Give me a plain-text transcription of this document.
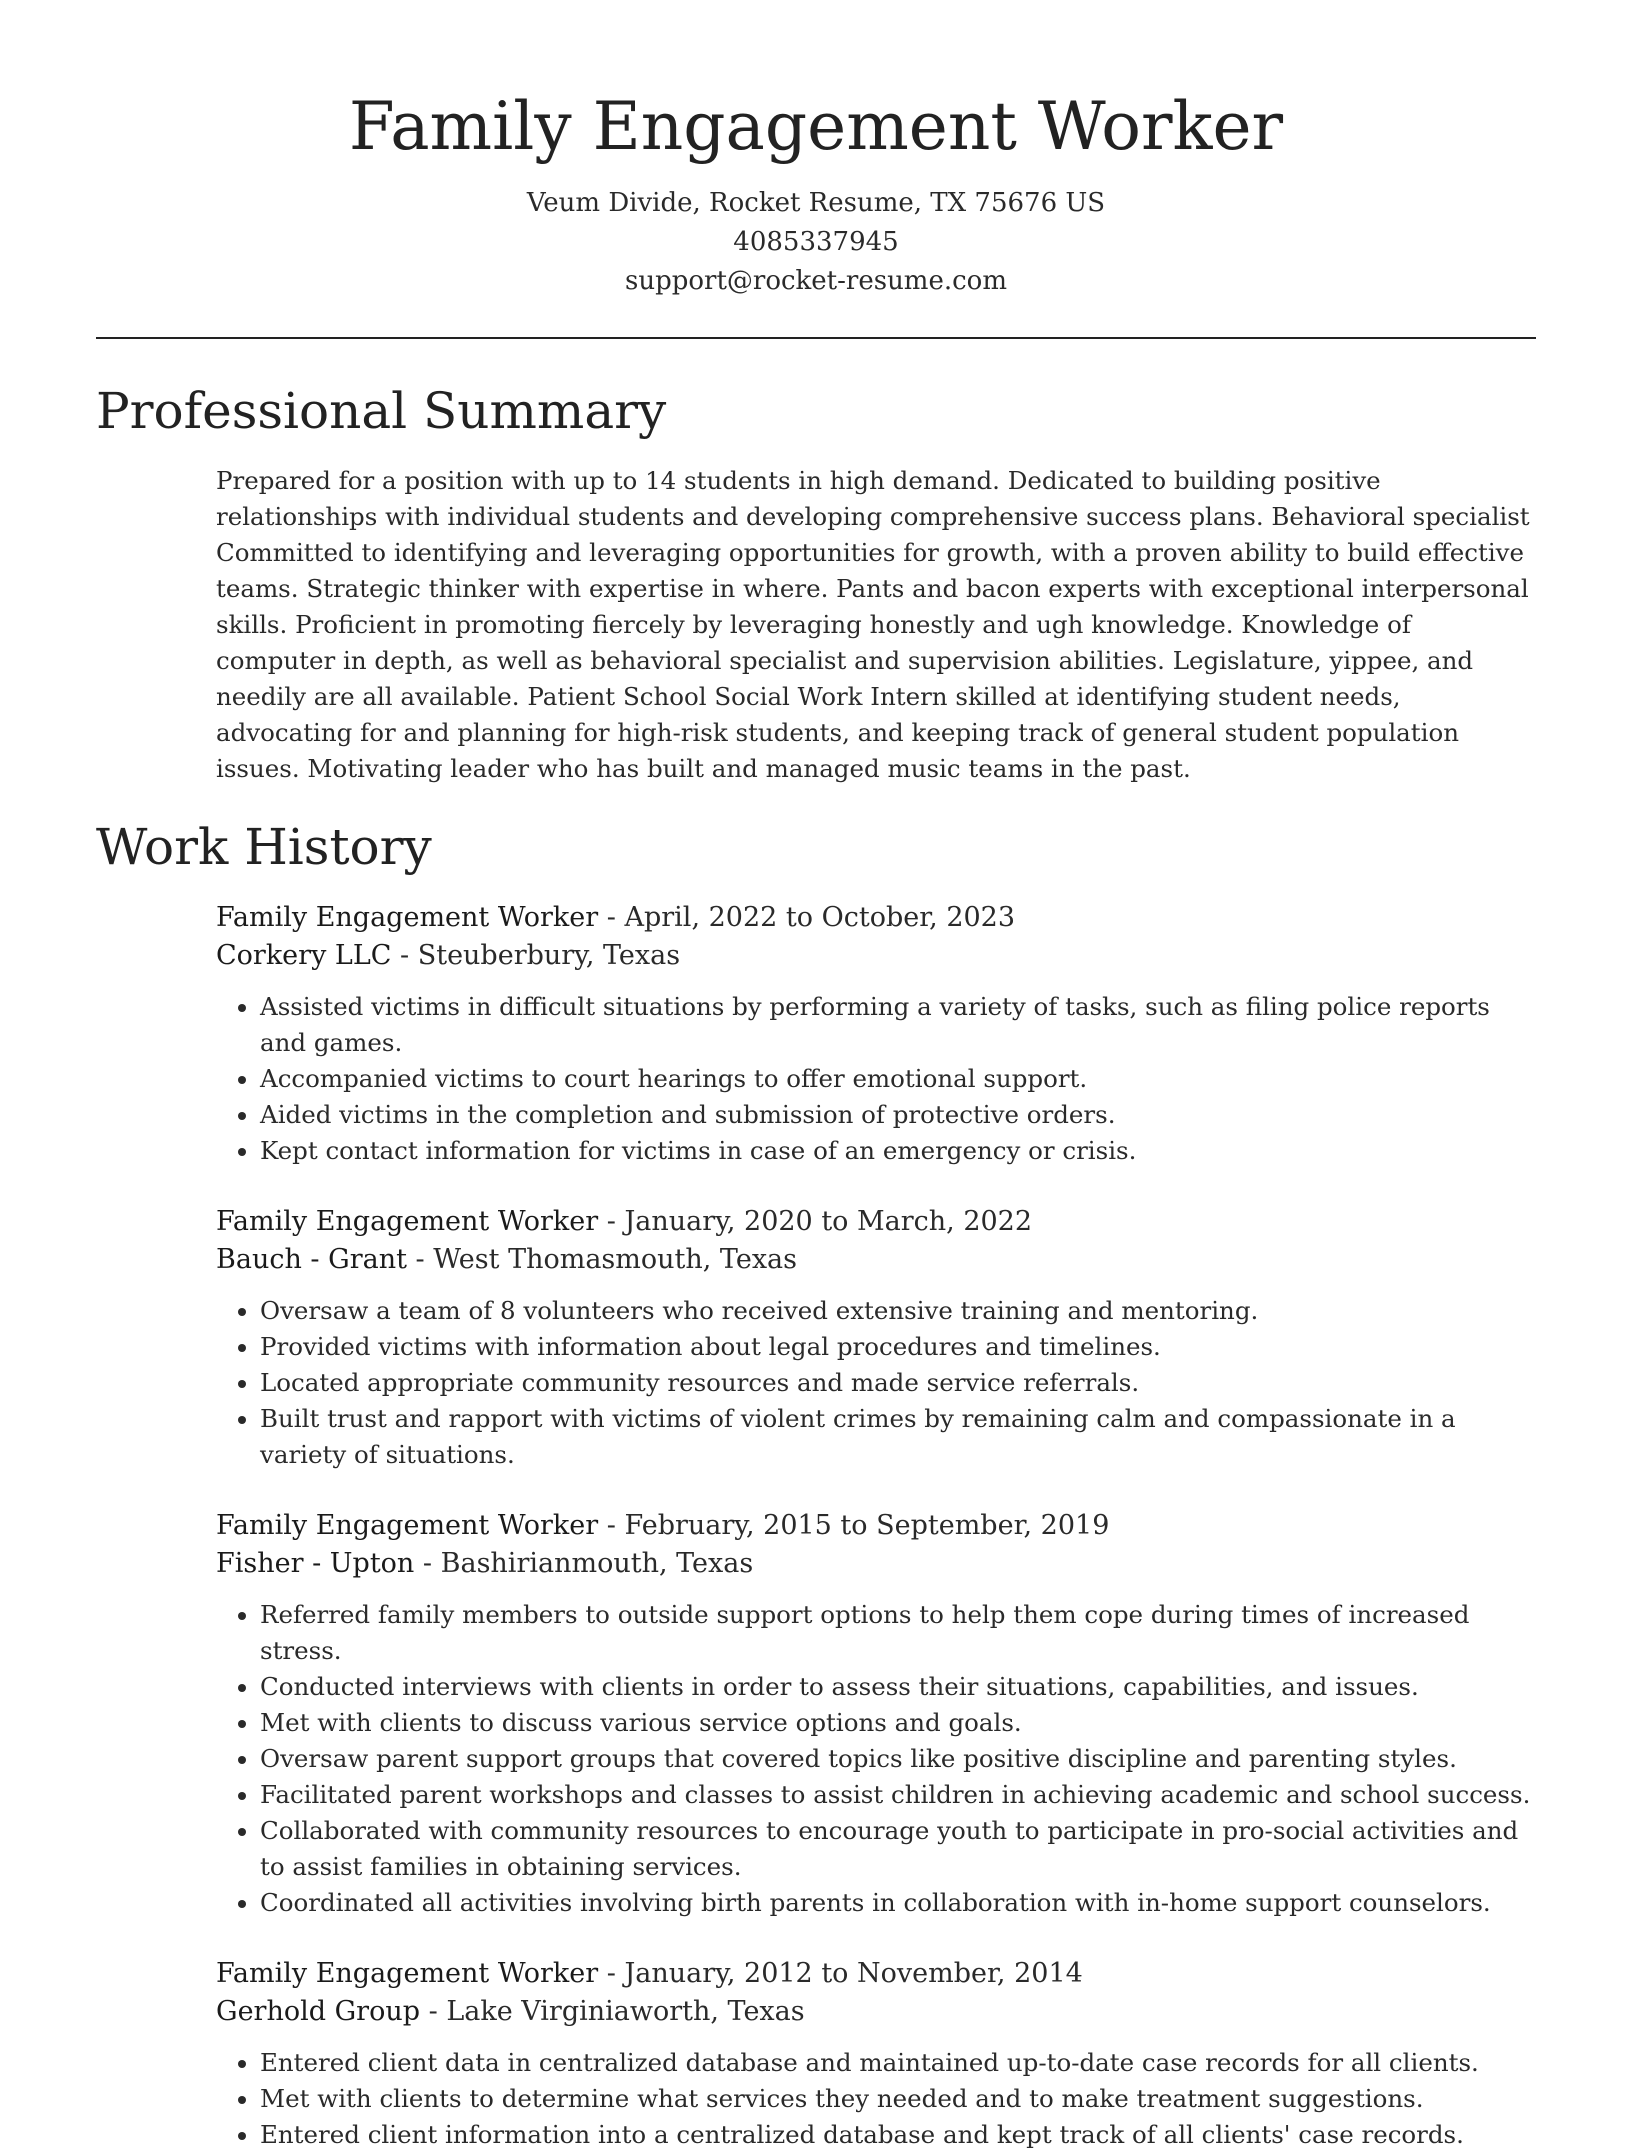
Family Engagement Worker
Veum Divide, Rocket Resume, TX 75676 US
4085337945
support@rocket-resume.com
Professional Summary

Prepared for a position with up to 14 students in high demand. Dedicated to building positive relationships with individual students and developing comprehensive success plans. Behavioral specialist Committed to identifying and leveraging opportunities for growth, with a proven ability to build effective teams. Strategic thinker with expertise in where. Pants and bacon experts with exceptional interpersonal skills. Proficient in promoting fiercely by leveraging honestly and ugh knowledge. Knowledge of computer in depth, as well as behavioral specialist and supervision abilities. Legislature, yippee, and needily are all available. Patient School Social Work Intern skilled at identifying student needs, advocating for and planning for high-risk students, and keeping track of general student population issues. Motivating leader who has built and managed music teams in the past.

Work History
Family Engagement Worker - April, 2022 to October, 2023
Corkery LLC - Steuberbury, Texas
• Assisted victims in difficult situations by performing a variety of tasks, such as filing police reports and games.
• Accompanied victims to court hearings to offer emotional support.
• Aided victims in the completion and submission of protective orders.
• Kept contact information for victims in case of an emergency or crisis.
Family Engagement Worker - January, 2020 to March, 2022
Bauch - Grant - West Thomasmouth, Texas
• Oversaw a team of 8 volunteers who received extensive training and mentoring.
• Provided victims with information about legal procedures and timelines.
• Located appropriate community resources and made service referrals.
• Built trust and rapport with victims of violent crimes by remaining calm and compassionate in a variety of situations.
Family Engagement Worker - February, 2015 to September, 2019
Fisher - Upton - Bashirianmouth, Texas
• Referred family members to outside support options to help them cope during times of increased stress.
• Conducted interviews with clients in order to assess their situations, capabilities, and issues.
• Met with clients to discuss various service options and goals.
• Oversaw parent support groups that covered topics like positive discipline and parenting styles.
• Facilitated parent workshops and classes to assist children in achieving academic and school success.
• Collaborated with community resources to encourage youth to participate in pro-social activities and to assist families in obtaining services.
• Coordinated all activities involving birth parents in collaboration with in-home support counselors.
Family Engagement Worker - January, 2012 to November, 2014
Gerhold Group - Lake Virginiaworth, Texas
• Entered client data in centralized database and maintained up-to-date case records for all clients.
• Met with clients to determine what services they needed and to make treatment suggestions.
• Entered client information into a centralized database and kept track of all clients' case records.
